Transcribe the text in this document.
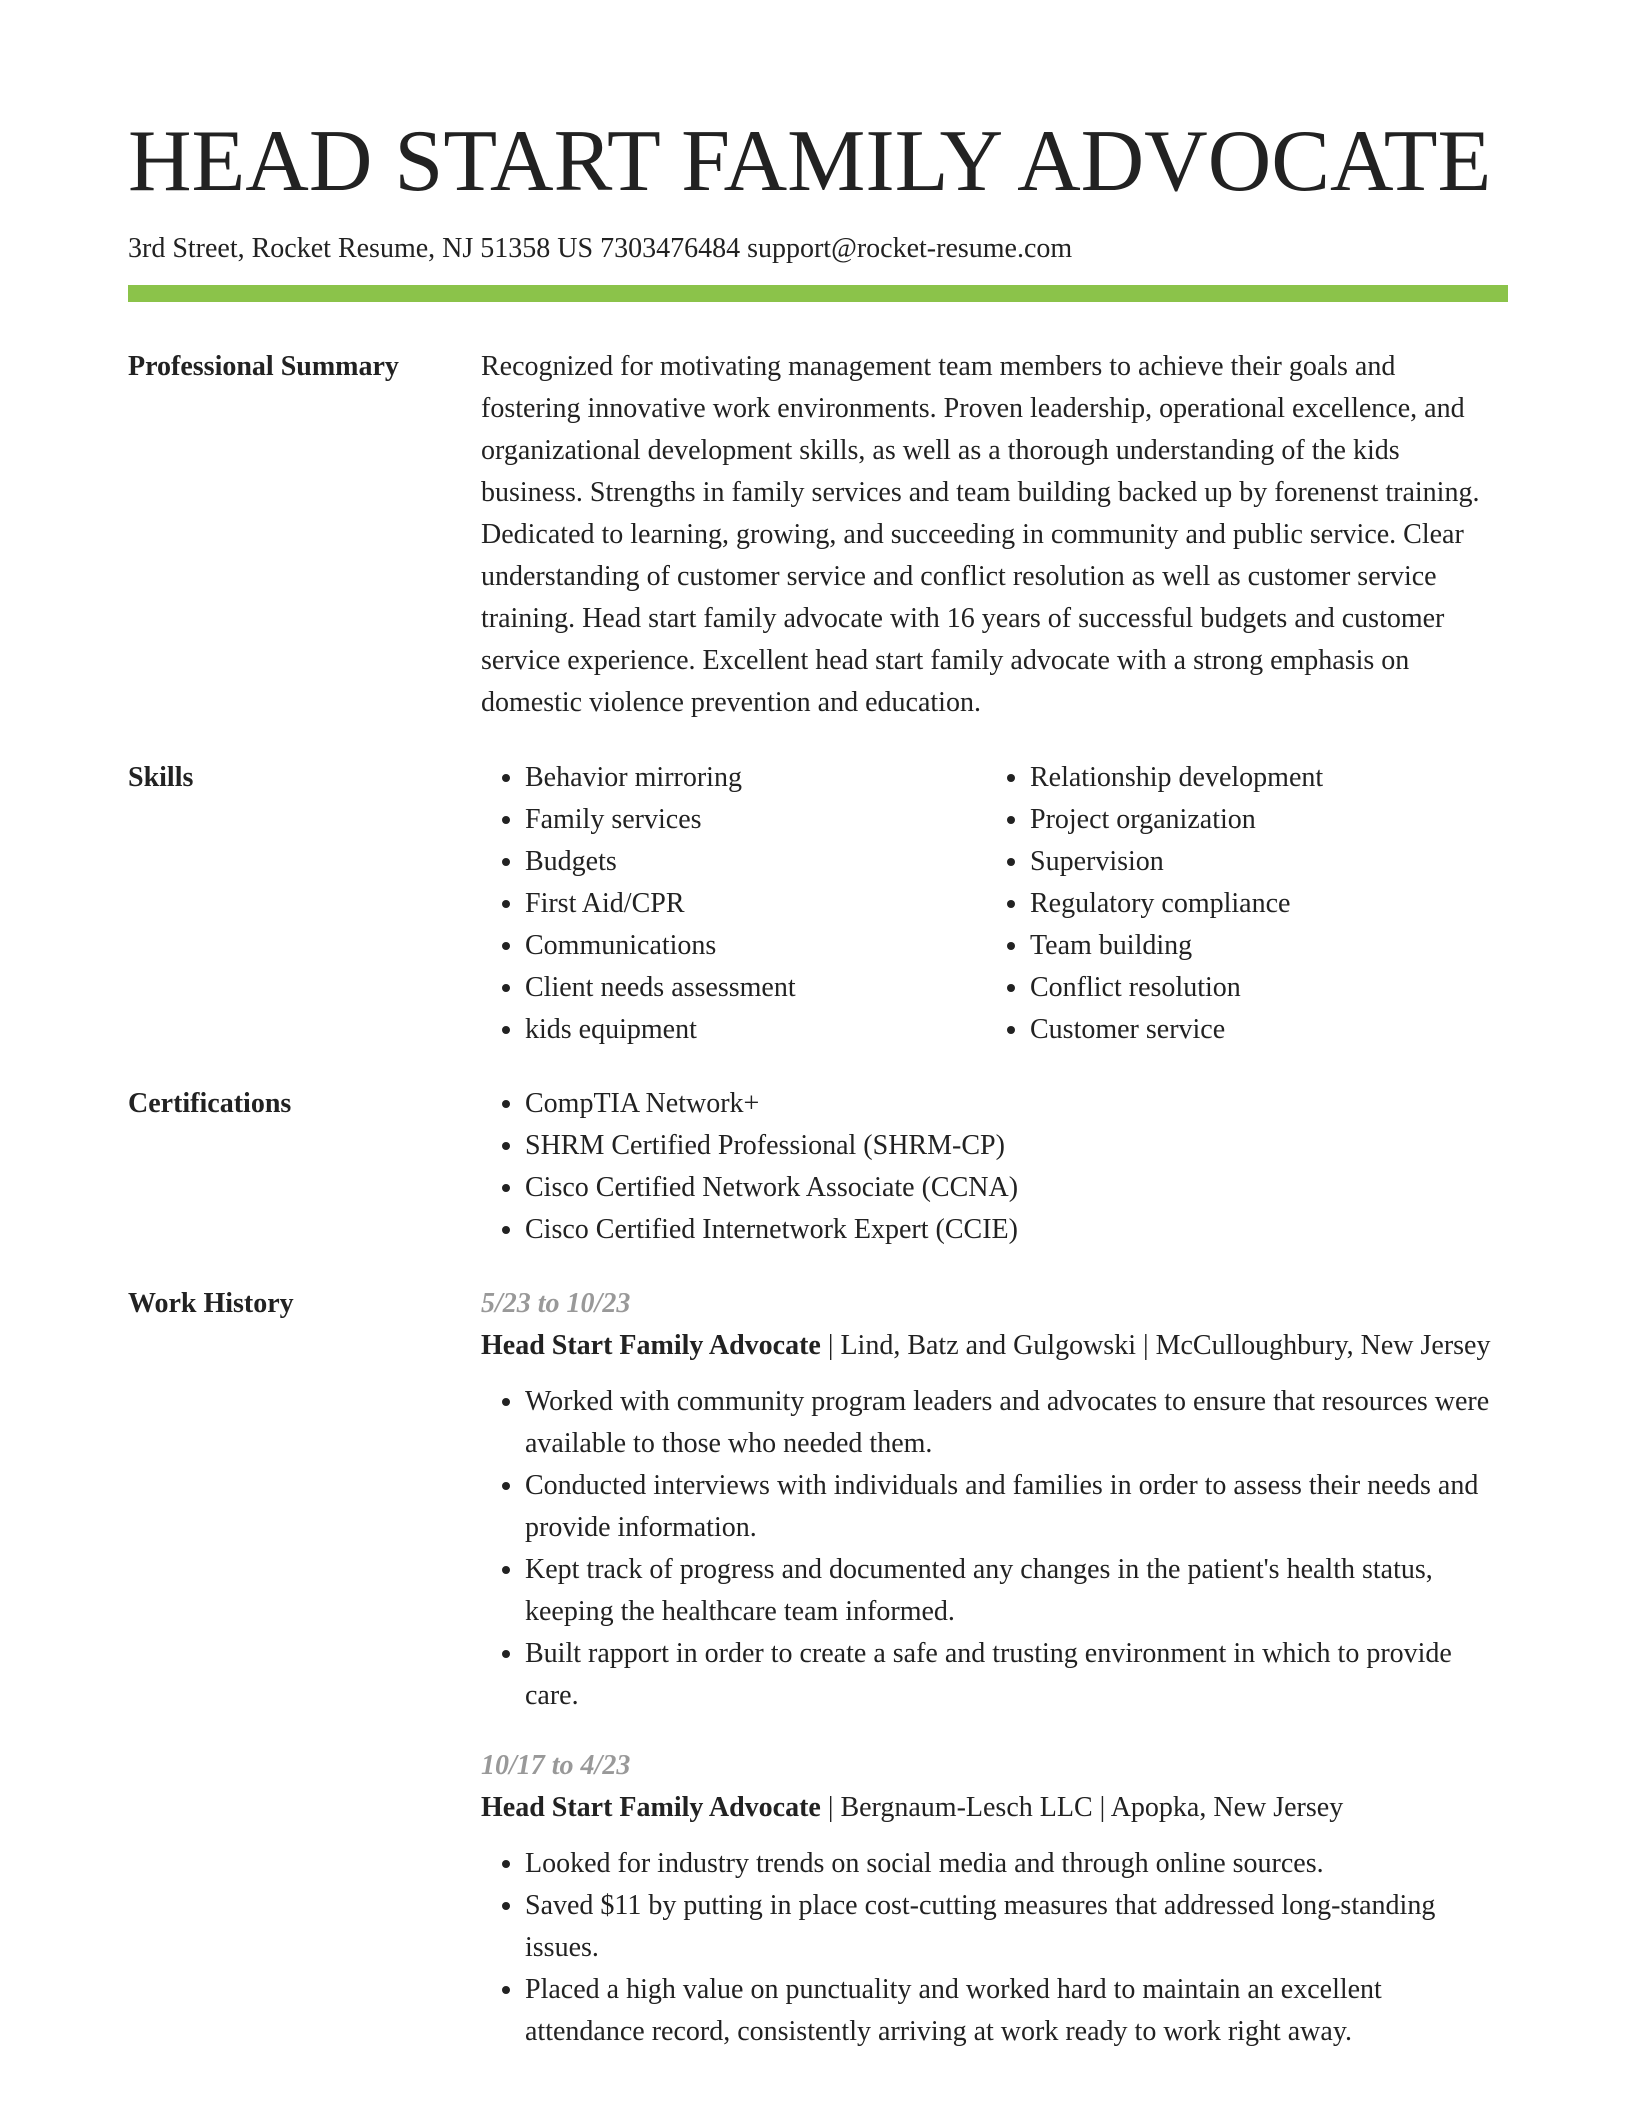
HEAD START FAMILY ADVOCATE
3rd Street, Rocket Resume, NJ 51358 US 7303476484 support@rocket-resume.com
Professional Summary	Recognized for motivating management team members to achieve their goals and fostering innovative work environments. Proven leadership, operational excellence, and organizational development skills, as well as a thorough understanding of the kids business. Strengths in family services and team building backed up by forenenst training. Dedicated to learning, growing, and succeeding in community and public service. Clear understanding of customer service and conflict resolution as well as customer service training. Head start family advocate with 16 years of successful budgets and customer service experience. Excellent head start family advocate with a strong emphasis on domestic violence prevention and education.

Skills	• Behavior mirroring
• Family services
• Budgets
• First Aid/CPR
• Communications
• Client needs assessment
• kids equipment
• Relationship development
• Project organization
• Supervision
• Regulatory compliance
• Team building
• Conflict resolution
• Customer service
Certifications	• CompTIA Network+
• SHRM Certified Professional (SHRM-CP)
• Cisco Certified Network Associate (CCNA)
• Cisco Certified Internetwork Expert (CCIE)
Work History	5/23 to 10/23
Head Start Family Advocate | Lind, Batz and Gulgowski | McCulloughbury, New Jersey
• Worked with community program leaders and advocates to ensure that resources were available to those who needed them.
• Conducted interviews with individuals and families in order to assess their needs and provide information.
• Kept track of progress and documented any changes in the patient's health status, keeping the healthcare team informed.
• Built rapport in order to create a safe and trusting environment in which to provide care.
10/17 to 4/23
Head Start Family Advocate | Bergnaum-Lesch LLC | Apopka, New Jersey
• Looked for industry trends on social media and through online sources.
• Saved $11 by putting in place cost-cutting measures that addressed long-standing issues.
• Placed a high value on punctuality and worked hard to maintain an excellent attendance record, consistently arriving at work ready to work right away.
